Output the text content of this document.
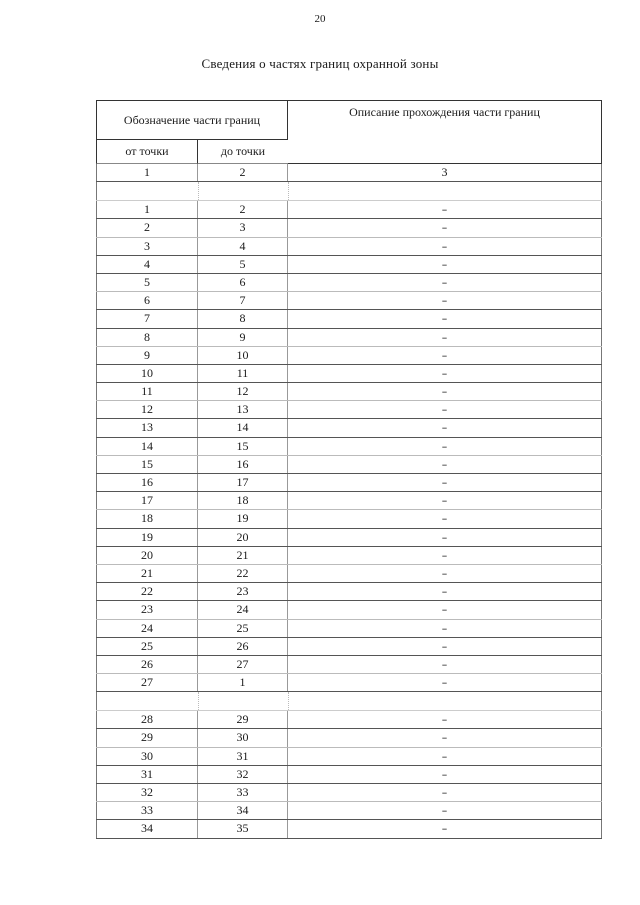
20
Сведения о частях границ охранной зоны
Обозначение части границ
Описание прохождения части границ
от точки	до точки
1	2	3
1	2	–
2	3	–
3	4	–
4	5	–
5	6	–
6	7	–
7	8	–
8	9	–
9	10	–
10	11	–
11	12	–
12	13	–
13	14	–
14	15	–
15	16	–
16	17	–
17	18	–
18	19	–
19	20	–
20	21	–
21	22	–
22	23	–
23	24	–
24	25	–
25	26	–
26	27	–
27	1	–
28	29	–
29	30	–
30	31	–
31	32	–
32	33	–
33	34	–
34	35	–
